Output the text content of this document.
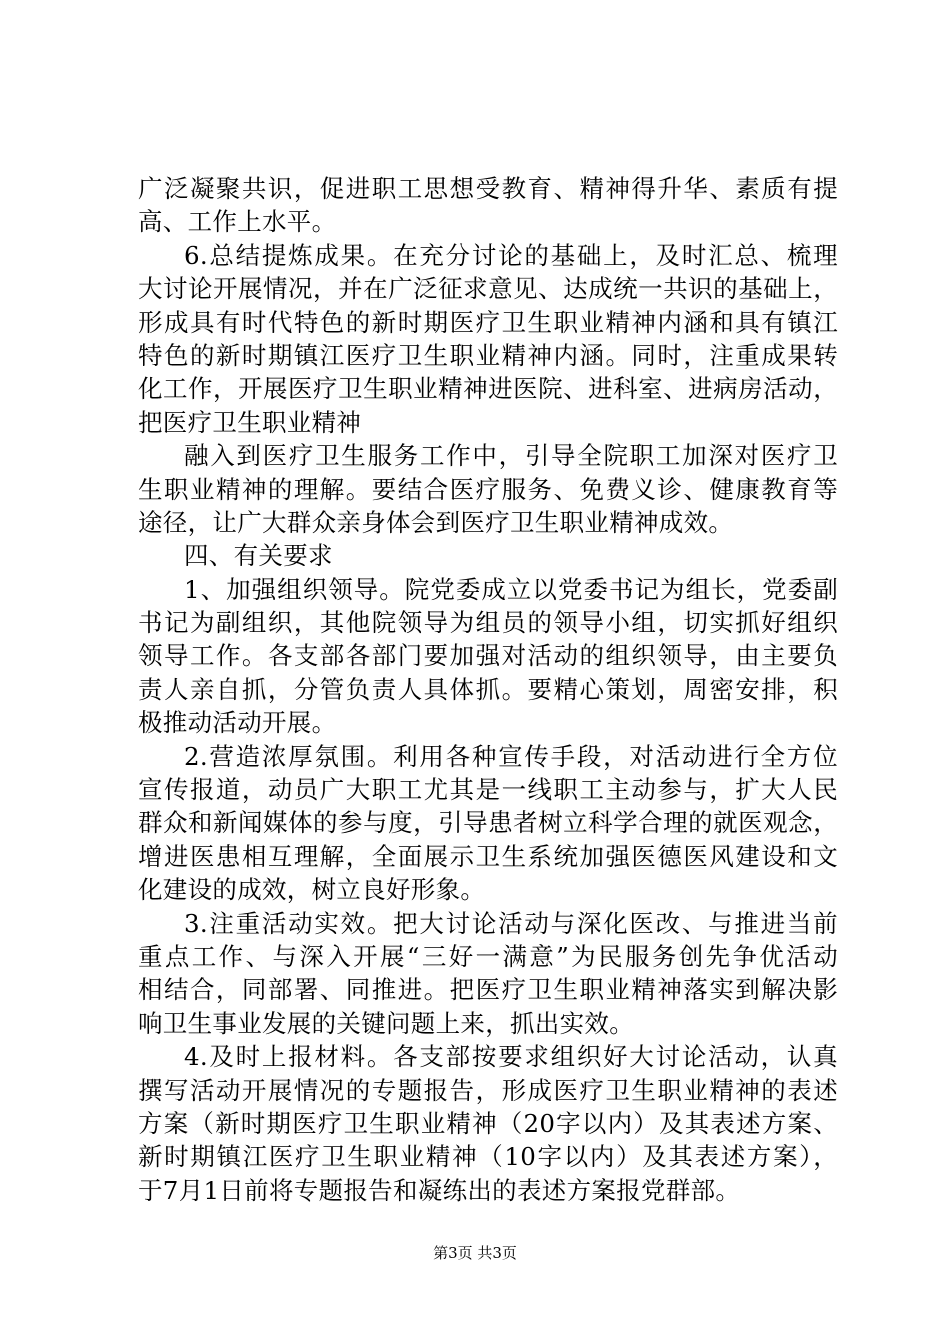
广泛凝聚共识，促进职工思想受教育、精神得升华、素质有提
高、工作上水平。
6.总结提炼成果。在充分讨论的基础上，及时汇总、梳理
大讨论开展情况，并在广泛征求意见、达成统一共识的基础上，
形成具有时代特色的新时期医疗卫生职业精神内涵和具有镇江
特色的新时期镇江医疗卫生职业精神内涵。同时，注重成果转
化工作，开展医疗卫生职业精神进医院、进科室、进病房活动，
把医疗卫生职业精神
融入到医疗卫生服务工作中，引导全院职工加深对医疗卫
生职业精神的理解。要结合医疗服务、免费义诊、健康教育等
途径，让广大群众亲身体会到医疗卫生职业精神成效。
四、有关要求
1、加强组织领导。院党委成立以党委书记为组长，党委副
书记为副组织，其他院领导为组员的领导小组，切实抓好组织
领导工作。各支部各部门要加强对活动的组织领导，由主要负
责人亲自抓，分管负责人具体抓。要精心策划，周密安排，积
极推动活动开展。
2.营造浓厚氛围。利用各种宣传手段，对活动进行全方位
宣传报道，动员广大职工尤其是一线职工主动参与，扩大人民
群众和新闻媒体的参与度，引导患者树立科学合理的就医观念，
增进医患相互理解，全面展示卫生系统加强医德医风建设和文
化建设的成效，树立良好形象。
3.注重活动实效。把大讨论活动与深化医改、与推进当前
重点工作、与深入开展“三好一满意”为民服务创先争优活动
相结合，同部署、同推进。把医疗卫生职业精神落实到解决影
响卫生事业发展的关键问题上来，抓出实效。
4.及时上报材料。各支部按要求组织好大讨论活动，认真
撰写活动开展情况的专题报告，形成医疗卫生职业精神的表述
方案（新时期医疗卫生职业精神（20字以内）及其表述方案、
新时期镇江医疗卫生职业精神（10字以内）及其表述方案），
于7月1日前将专题报告和凝练出的表述方案报党群部。
第3页 共3页
